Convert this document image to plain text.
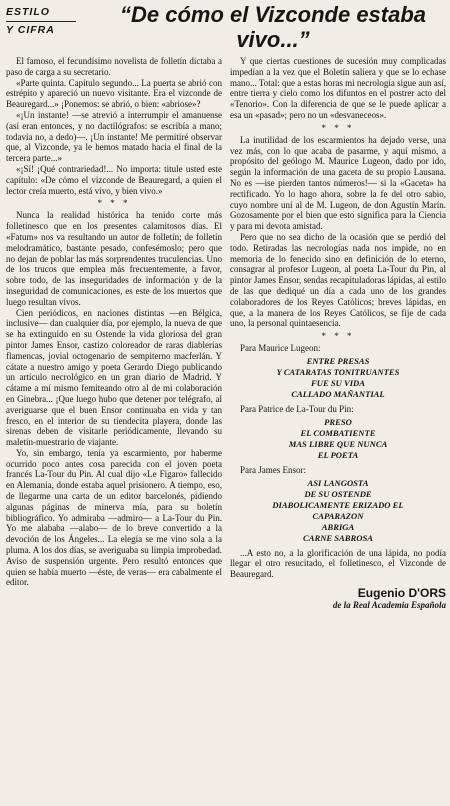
ESTILO
Y CIFRA
“De cómo el Vizconde estaba vivo...”

El famoso, el fecundísimo novelista de folletín dictaba a paso de carga a su secretario.

«Parte quinta. Capítulo segundo... La puerta se abrió con estrépito y apareció un nuevo visitante. Era el vizconde de Beauregard...» ¡Ponemos: se abrió, o bien: «abriose»?

«¡Un instante! —se atrevió a interrumpir el amanuense (así eran entonces, y no dactilógrafos: se escribía a mano; todavía no, a dedo)—. ¡Un instante! Me permitiré observar que, al Vizconde, ya le hemos matado hacia el final de la tercera parte...»

«¡Sí! ¡Qué contrariedad!... No importa: titule usted este capítulo: «De cómo el vizconde de Beauregard, a quien el lector creía muerto, está vivo, y bien vivo.»

* * *

Nunca la realidad histórica ha tenido corte más folletinesco que en los presentes calamitosos días. El «Fatum» nos va resultando un autor de folletín; de folletín melodramático, bastante pesado, confesémoslo; pero que no dejan de poblar las más sorprendentes truculencias. Uno de los trucos que emplea más frecuentemente, a favor, sobre todo, de las inseguridades de información y de la inseguridad de comunicaciones, es este de los muertos que luego resultan vivos.

Cien periódicos, en naciones distintas —en Bélgica, inclusive— dan cualquier día, por ejemplo, la nueva de que se ha extinguido en su Ostende la vida gloriosa del gran pintor James Ensor, castizo coloreador de raras diablerías flamencas, jovial octogenario de sempiterno macferlán. Y cátate a nuestro amigo y poeta Gerardo Diego publicando un artículo necrológico en un gran diario de Madrid. Y cátame a mí mismo femiteando otro al de mi colaboración en Ginebra... ¡Que luego hubo que detener por telégrafo, al averiguarse que el buen Ensor continuaba en vida y tan fresco, en el interior de su tiendecita playera, donde las sirenas deben de visitarle periódicamente, llevando su maletín-muestrario de viajante.

Yo, sin embargo, tenía ya escarmiento, por haberme ocurrido poco antes cosa parecida con el joven poeta francés La-Tour du Pin. Al cual dijo «Le Figaro» fallecido en Alemania, donde estaba aquel prisionero. A tiempo, eso, de llegarme una carta de un editor barcelonés, pidiendo algunas páginas de minerva mía, para su boletín bibliográfico. Yo admiraba —admiro— a La-Tour du Pin. Yo me alababa —alabo— de lo breve convertido a la devoción de los Ángeles... La elegía se me vino sola a la pluma. A los dos días, se averiguaba su limpia improbedad. Aviso de suspensión urgente. Pero resultó entonces que quien se había muerto —éste, de veras— era cabalmente el editor.

Y que ciertas cuestiones de sucesión muy complicadas impedían a la vez que el Boletín saliera y que se lo echase mano... Total: que a estas horas mi necrología sigue aun así, entre tierra y cielo como los difuntos en el postrer acto del «Tenorio». Con la diferencia de que se le puede aplicar a esa un «pasad»; pero no un «desvaneceos».

* * *

La inutilidad de los escarmientos ha dejado verse, una vez más, con lo que acaba de pasarme, y aquí mismo, a propósito del geólogo M. Maurice Lugeon, dado por ido, según la información de una gaceta de su propio Lausana. No es —ise pierden tantos números!— si la «Gaceta» ha rectificado. Yo lo hago ahora, sobre la fe del otro sabio, cuyo nombre uní al de M. Lugeon, de don Agustín Marín. Gozosamente por el bien que esto significa para la Ciencia y para mi devota amistad.

Pero que no sea dicho de la ocasión que se perdió del todo. Retiradas las necrologías nada nos impide, no en memoria de lo fenecido sino en definición de lo eterno, consagrar al profesor Lugeon, al poeta La-Tour du Pin, al pintor James Ensor, sendas recapituladoras lápidas, al estilo de las que dediqué un día a cada uno de los grandes colaboradores de los Reyes Católicos; breves lápidas, en que, a la manera de los Reyes Católicos, se fije de cada uno, la personal quintaesencia.

* * *

Para Maurice Lugeon:

ENTRE PRESAS
Y CATARATAS TONITRUANTES
FUE SU VIDA
CALLADO MAÑANTIAL

Para Patrice de La-Tour du Pin:

PRESO
EL COMBATIENTE
MAS LIBRE QUE NUNCA
EL POETA

Para James Ensor:

ASI LANGOSTA
DE SU OSTENDE
DIABOLICAMENTE ERIZADO EL
CAPARAZON
ABRIGA
CARNE SABROSA

...A esto no, a la glorificación de una lápida, no podía llegar el otro resucitado, el folletinesco, el Vizconde de Beauregard.

Eugenio D'ORS
de la Real Academia Española
